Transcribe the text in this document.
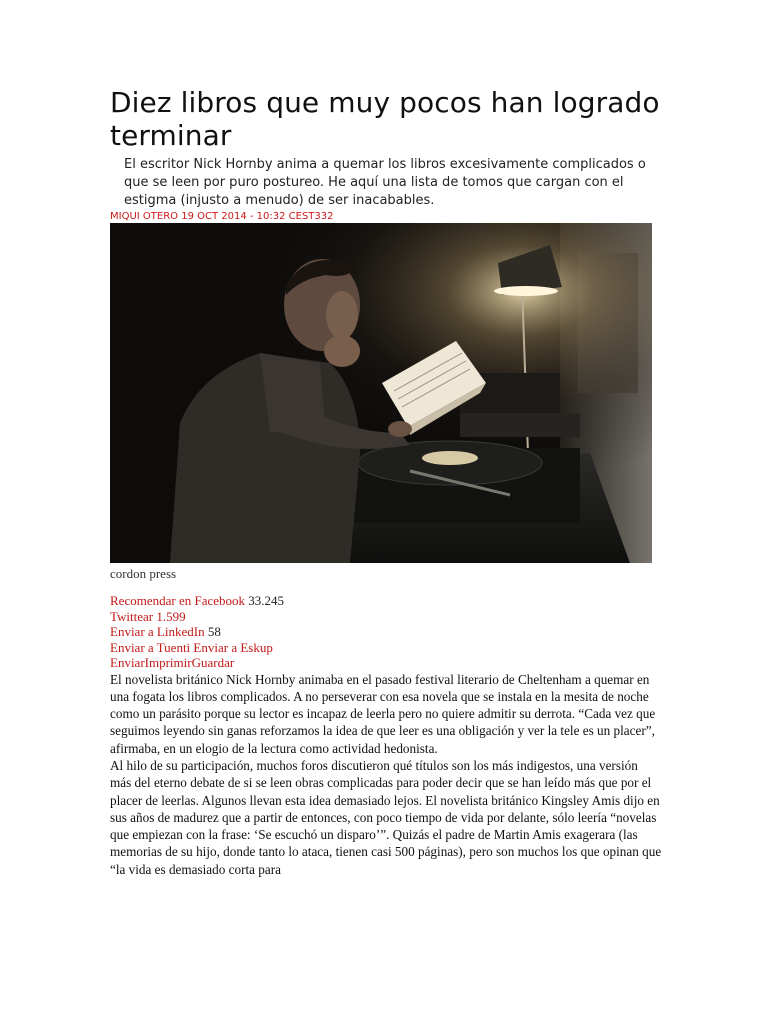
Diez libros que muy pocos han logrado terminar
El escritor Nick Hornby anima a quemar los libros excesivamente complicados o que se leen por puro postureo. He aquí una lista de tomos que cargan con el estigma (injusto a menudo) de ser inacabables.
MIQUI OTERO 19 OCT 2014 - 10:32 CEST332
cordon press
Recomendar en Facebook 33.245
Twittear 1.599
Enviar a LinkedIn 58
Enviar a Tuenti Enviar a Eskup
EnviarImprimirGuardar

El novelista británico Nick Hornby animaba en el pasado festival literario de Cheltenham a quemar en una fogata los libros complicados. A no perseverar con esa novela que se instala en la mesita de noche como un parásito porque su lector es incapaz de leerla pero no quiere admitir su derrota. “Cada vez que seguimos leyendo sin ganas reforzamos la idea de que leer es una obligación y ver la tele es un placer”, afirmaba, en un elogio de la lectura como actividad hedonista.

Al hilo de su participación, muchos foros discutieron qué títulos son los más indigestos, una versión más del eterno debate de si se leen obras complicadas para poder decir que se han leído más que por el placer de leerlas. Algunos llevan esta idea demasiado lejos. El novelista británico Kingsley Amis dijo en sus años de madurez que a partir de entonces, con poco tiempo de vida por delante, sólo leería “novelas que empiezan con la frase: ‘Se escuchó un disparo’”. Quizás el padre de Martin Amis exagerara (las memorias de su hijo, donde tanto lo ataca, tienen casi 500 páginas), pero son muchos los que opinan que “la vida es demasiado corta para
